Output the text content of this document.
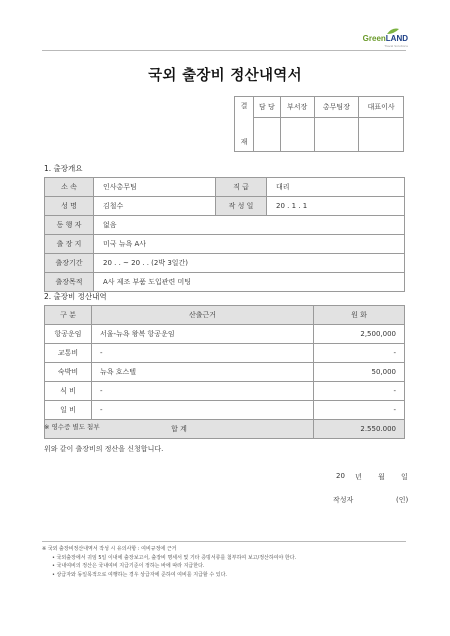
GreenLAND
Travel Solutions
국외 출장비 정산내역서
결

재	담 당	부서장	총무팀장	대표이사

1. 출장개요
소 속	인사총무팀	직 급	대리
성 명	김철수	작 성 일	20 . 1 . 1
동 행 자	없음		
출 장 지	미국 뉴욕 A사		
출장기간	20 . . ~ 20 . . (2박 3일간)		
출장목적	A사 제조 부품 도입관련 미팅		
2. 출장비 정산내역
구 분	산출근거	원 화
항공운임	서울-뉴욕 왕복 항공운임	2,500,000
교통비	-	-
숙박비	뉴욕 호스텔	50,000
식 비	-	-
일 비	-	-
합 계		2.550.000
※ 영수증 별도 첨부
위와 같이 출장비의 정산을 신청합니다.
20 년 월 일
작성자	(인)
※ 국외 출장비정산내역서 작성 시 유의사항 : 여비규정에 근거
• 국외출장에서 귀임 5일 이내에 출장보고서, 출장비 명세서 및 기타 증빙서류를 첨부하여 보고/정산하여야 한다.
• 국내여비의 정산은 국내여비 지급기준이 정하는 바에 따라 지급한다.
• 상급자와 동일목적으로 여행하는 경우 상급자에 준하여 여비를 지급할 수 있다.
